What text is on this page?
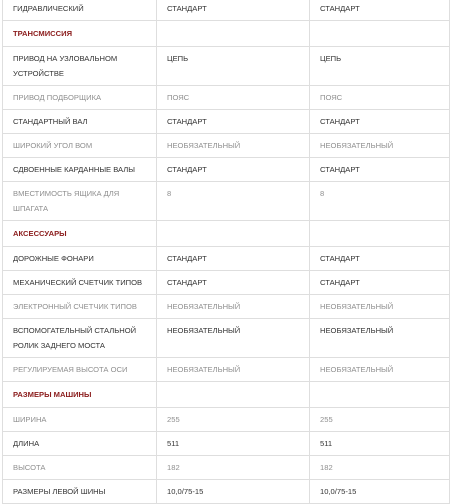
ГИДРАВЛИЧЕСКИЙ	СТАНДАРТ	СТАНДАРТ
ТРАНСМИССИЯ		
ПРИВОД НА УЗЛОВАЛЬНОМ УСТРОЙСТВЕ	ЦЕПЬ	ЦЕПЬ
ПРИВОД ПОДБОРЩИКА	ПОЯС	ПОЯС
СТАНДАРТНЫЙ ВАЛ	СТАНДАРТ	СТАНДАРТ
ШИРОКИЙ УГОЛ ВОМ	НЕОБЯЗАТЕЛЬНЫЙ	НЕОБЯЗАТЕЛЬНЫЙ
СДВОЕННЫЕ КАРДАННЫЕ ВАЛЫ	СТАНДАРТ	СТАНДАРТ
ВМЕСТИМОСТЬ ЯЩИКА ДЛЯ ШПАГАТА	8	8
АКСЕССУАРЫ		
ДОРОЖНЫЕ ФОНАРИ	СТАНДАРТ	СТАНДАРТ
МЕХАНИЧЕСКИЙ СЧЕТЧИК ТИПОВ	СТАНДАРТ	СТАНДАРТ
ЭЛЕКТРОННЫЙ СЧЕТЧИК ТИПОВ	НЕОБЯЗАТЕЛЬНЫЙ	НЕОБЯЗАТЕЛЬНЫЙ
ВСПОМОГАТЕЛЬНЫЙ СТАЛЬНОЙ РОЛИК ЗАДНЕГО МОСТА	НЕОБЯЗАТЕЛЬНЫЙ	НЕОБЯЗАТЕЛЬНЫЙ
РЕГУЛИРУЕМАЯ ВЫСОТА ОСИ	НЕОБЯЗАТЕЛЬНЫЙ	НЕОБЯЗАТЕЛЬНЫЙ
РАЗМЕРЫ МАШИНЫ		
ШИРИНА	255	255
ДЛИНА	511	511
ВЫСОТА	182	182
РАЗМЕРЫ ЛЕВОЙ ШИНЫ	10,0/75-15	10,0/75-15
